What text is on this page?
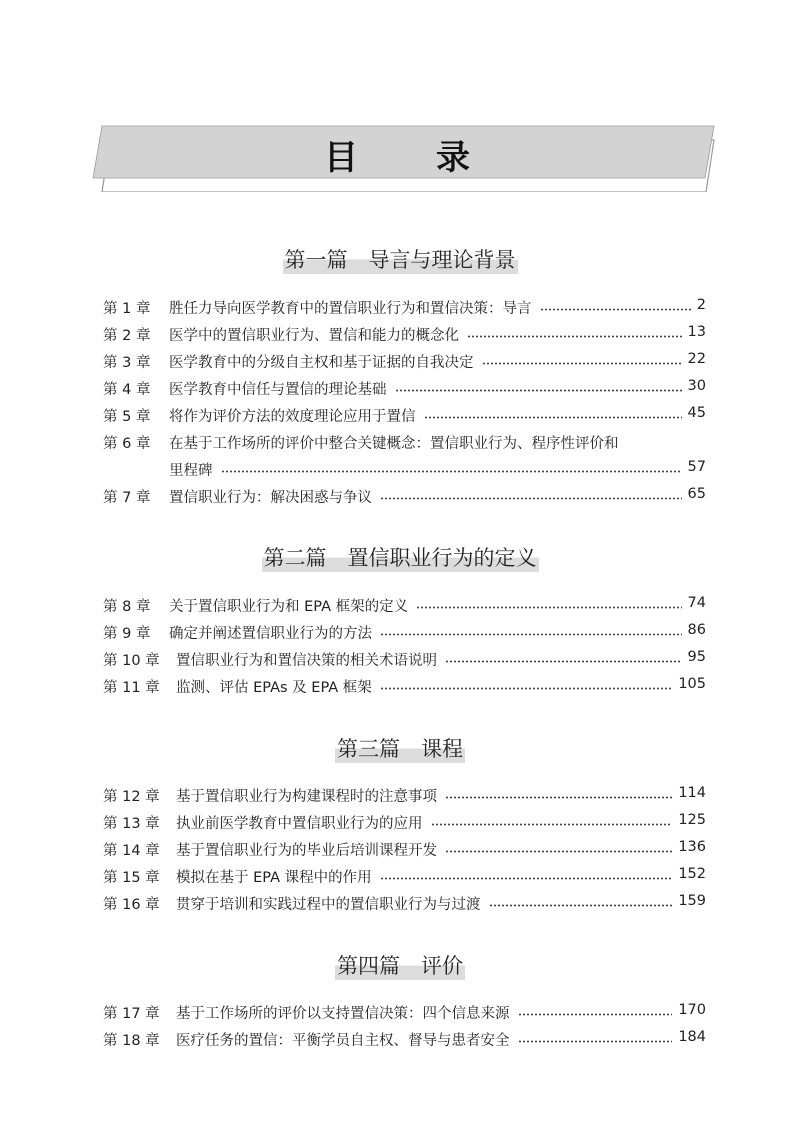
目　录
第一篇　导言与理论背景
第 1 章 胜任力导向医学教育中的置信职业行为和置信决策：导言	2
第 2 章 医学中的置信职业行为、置信和能力的概念化	13
第 3 章 医学教育中的分级自主权和基于证据的自我决定	22
第 4 章 医学教育中信任与置信的理论基础	30
第 5 章 将作为评价方法的效度理论应用于置信	45
第 6 章 在基于工作场所的评价中整合关键概念：置信职业行为、程序性评价和
里程碑	57
第 7 章 置信职业行为：解决困惑与争议	65
第二篇　置信职业行为的定义
第 8 章 关于置信职业行为和 EPA 框架的定义	74
第 9 章 确定并阐述置信职业行为的方法	86
第 10 章 置信职业行为和置信决策的相关术语说明	95
第 11 章 监测、评估 EPAs 及 EPA 框架	105
第三篇　课程
第 12 章 基于置信职业行为构建课程时的注意事项	114
第 13 章 执业前医学教育中置信职业行为的应用	125
第 14 章 基于置信职业行为的毕业后培训课程开发	136
第 15 章 模拟在基于 EPA 课程中的作用	152
第 16 章 贯穿于培训和实践过程中的置信职业行为与过渡	159
第四篇　评价
第 17 章 基于工作场所的评价以支持置信决策：四个信息来源	170
第 18 章 医疗任务的置信：平衡学员自主权、督导与患者安全	184
